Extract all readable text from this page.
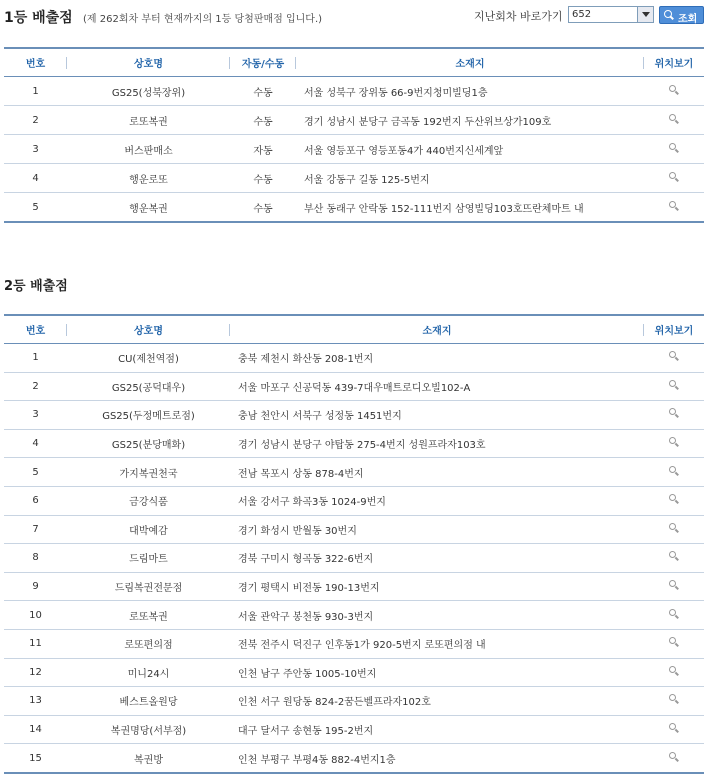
1등 배출점 (제 262회차 부터 현재까지의 1등 당첨판매점 입니다.)	지난회차 바로가기 652	조회
번호	상호명	자동/수동	소재지	위치보기
1	GS25(성북장위)	수동	서울 성북구 장위동 66-9번지청미빌딩1층	
2	로또복권	수동	경기 성남시 분당구 금곡동 192번지 두산위브상가109호	
3	버스판매소	자동	서울 영등포구 영등포동4가 440번지신세계앞	
4	행운로또	수동	서울 강동구 길동 125-5번지	
5	행운복권	수동	부산 동래구 안락동 152-111번지 삼영빌딩103호뜨란체마트 내	
2등 배출점
번호	상호명	소재지	위치보기
1	CU(제천역점)	충북 제천시 화산동 208-1번지	
2	GS25(공덕대우)	서울 마포구 신공덕동 439-7대우매트로디오빌102-A	
3	GS25(두정메트로점)	충남 천안시 서북구 성정동 1451번지	
4	GS25(분당매화)	경기 성남시 분당구 야탑동 275-4번지 성원프라자103호	
5	가지복권천국	전남 목포시 상동 878-4번지	
6	금강식품	서울 강서구 화곡3동 1024-9번지	
7	대박예감	경기 화성시 반월동 30번지	
8	드림마트	경북 구미시 형곡동 322-6번지	
9	드림복권전문점	경기 평택시 비전동 190-13번지	
10	로또복권	서울 관악구 봉천동 930-3번지	
11	로또편의점	전북 전주시 덕진구 인후동1가 920-5번지 로또편의점 내	
12	미니24시	인천 남구 주안동 1005-10번지	
13	베스트올원당	인천 서구 원당동 824-2꿈든벨프라자102호	
14	복권명당(서부점)	대구 달서구 송현동 195-2번지	
15	복권방	인천 부평구 부평4동 882-4번지1층	
